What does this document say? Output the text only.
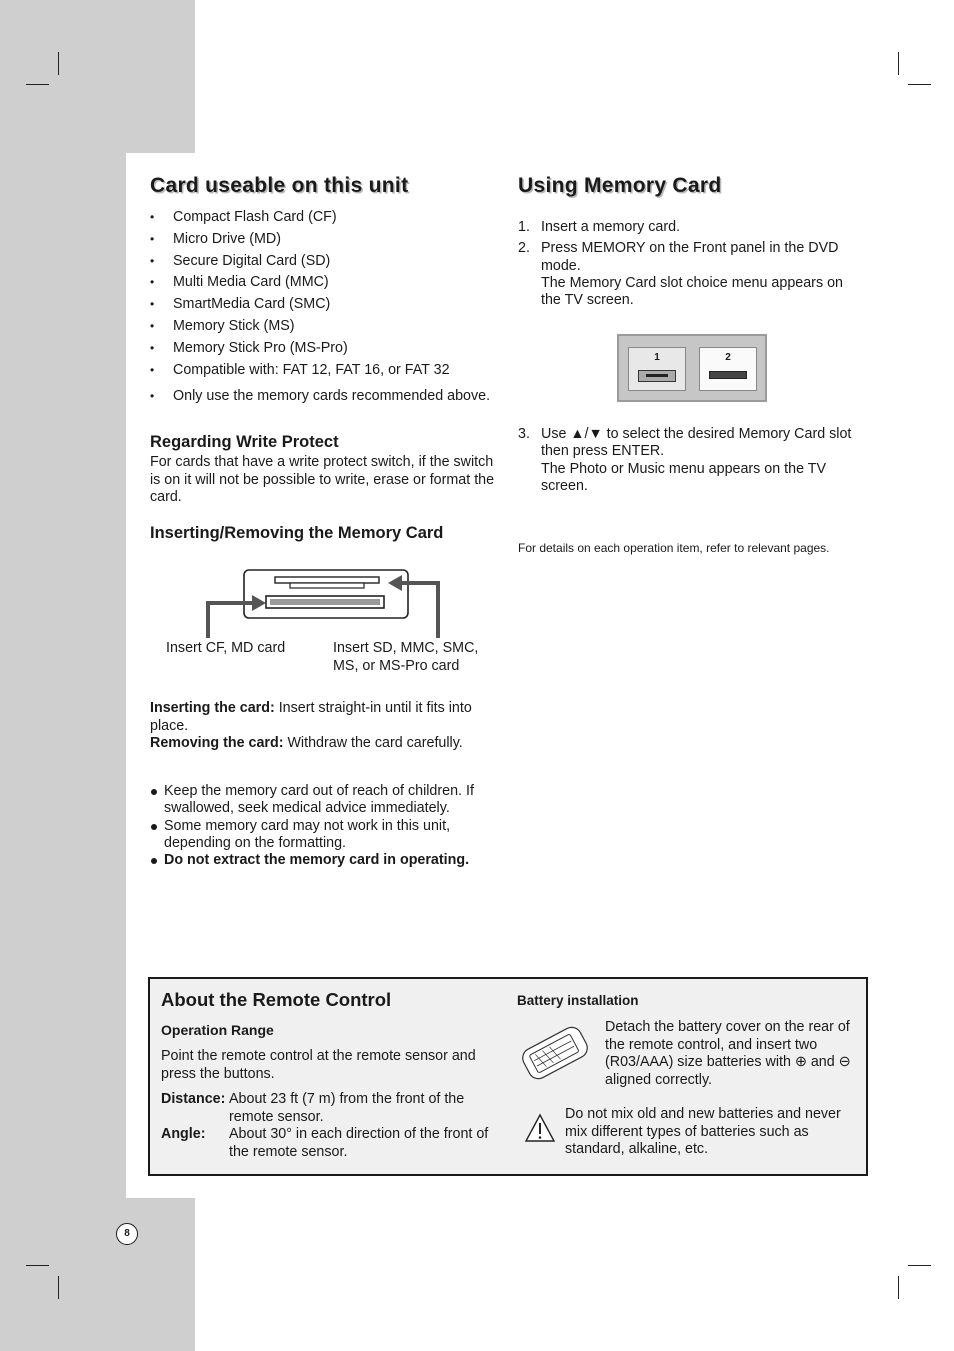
Card useable on this unit
• Compact Flash Card (CF)
• Micro Drive (MD)
• Secure Digital Card (SD)
• Multi Media Card (MMC)
• SmartMedia Card (SMC)
• Memory Stick (MS)
• Memory Stick Pro (MS-Pro)
• Compatible with: FAT 12, FAT 16, or FAT 32
• Only use the memory cards recommended above.
Regarding Write Protect

For cards that have a write protect switch, if the switch is on it will not be possible to write, erase or format the card.

Inserting/Removing the Memory Card

Insert CF, MD card	Insert SD, MMC, SMC, MS, or MS-Pro card

Inserting the card: Insert straight-in until it fits into place.
Removing the card: Withdraw the card carefully.
Keep the memory card out of reach of children. If swallowed, seek medical advice immediately.
Some memory card may not work in this unit, depending on the formatting.
Do not extract the memory card in operating.
Using Memory Card
1. Insert a memory card.
2. Press MEMORY on the Front panel in the DVD mode.
The Memory Card slot choice menu appears on the TV screen.
1	2
3. Use ▲/▼ to select the desired Memory Card slot then press ENTER.
The Photo or Music menu appears on the TV screen.

For details on each operation item, refer to relevant pages.

About the Remote Control
Operation Range

Point the remote control at the remote sensor and press the buttons.

Distance: About 23 ft (7 m) from the front of the remote sensor.
Angle: About 30° in each direction of the front of the remote sensor.
Battery installation

Detach the battery cover on the rear of the remote control, and insert two (R03/AAA) size batteries with ⊕ and ⊖ aligned correctly.

Do not mix old and new batteries and never mix different types of batteries such as standard, alkaline, etc.

8
